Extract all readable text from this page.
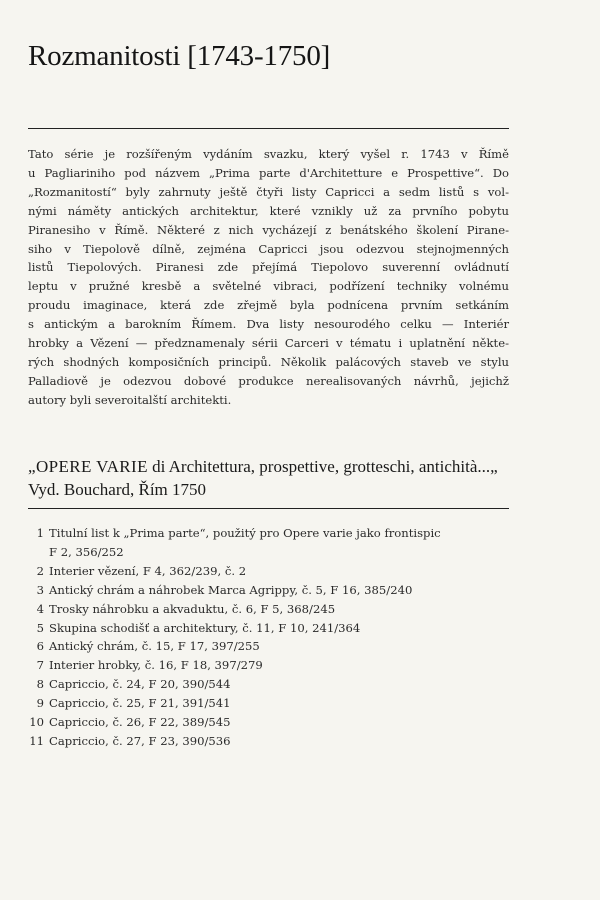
Rozmanitosti [1743-1750]
Tato série je rozšířeným vydáním svazku, který vyšel r. 1743 v Římě
u Pagliariniho pod názvem „Prima parte d'Architetture e Prospettive“. Do
„Rozmanitostí“ byly zahrnuty ještě čtyři listy Capricci a sedm listů s vol-
nými náměty antických architektur, které vznikly už za prvního pobytu
Piranesiho v Římě. Některé z nich vycházejí z benátského školení Pirane-
siho v Tiepolově dílně, zejména Capricci jsou odezvou stejnojmenných
listů Tiepolových. Piranesi zde přejímá Tiepolovo suverenní ovládnutí
leptu v pružné kresbě a světelné vibraci, podřízení techniky volnému
proudu imaginace, která zde zřejmě byla podnícena prvním setkáním
s antickým a barokním Římem. Dva listy nesourodého celku — Interiér
hrobky a Vězení — předznamenaly sérii Carceri v tématu i uplatnění někte-
rých shodných komposičních principů. Několik palácových staveb ve stylu
Palladiově je odezvou dobové produkce nerealisovaných návrhů, jejichž
autory byli severoitalští architekti.
„OPERE VARIE di Architettura, prospettive, grotteschi, antichità...„
Vyd. Bouchard, Řím 1750
1 Titulní list k „Prima parte“, použitý pro Opere varie jako frontispic
F 2, 356/252
2 Interier vězení, F 4, 362/239, č. 2
3 Antický chrám a náhrobek Marca Agrippy, č. 5, F 16, 385/240
4 Trosky náhrobku a akvaduktu, č. 6, F 5, 368/245
5 Skupina schodišť a architektury, č. 11, F 10, 241/364
6 Antický chrám, č. 15, F 17, 397/255
7 Interier hrobky, č. 16, F 18, 397/279
8 Capriccio, č. 24, F 20, 390/544
9 Capriccio, č. 25, F 21, 391/541
10 Capriccio, č. 26, F 22, 389/545
11 Capriccio, č. 27, F 23, 390/536
